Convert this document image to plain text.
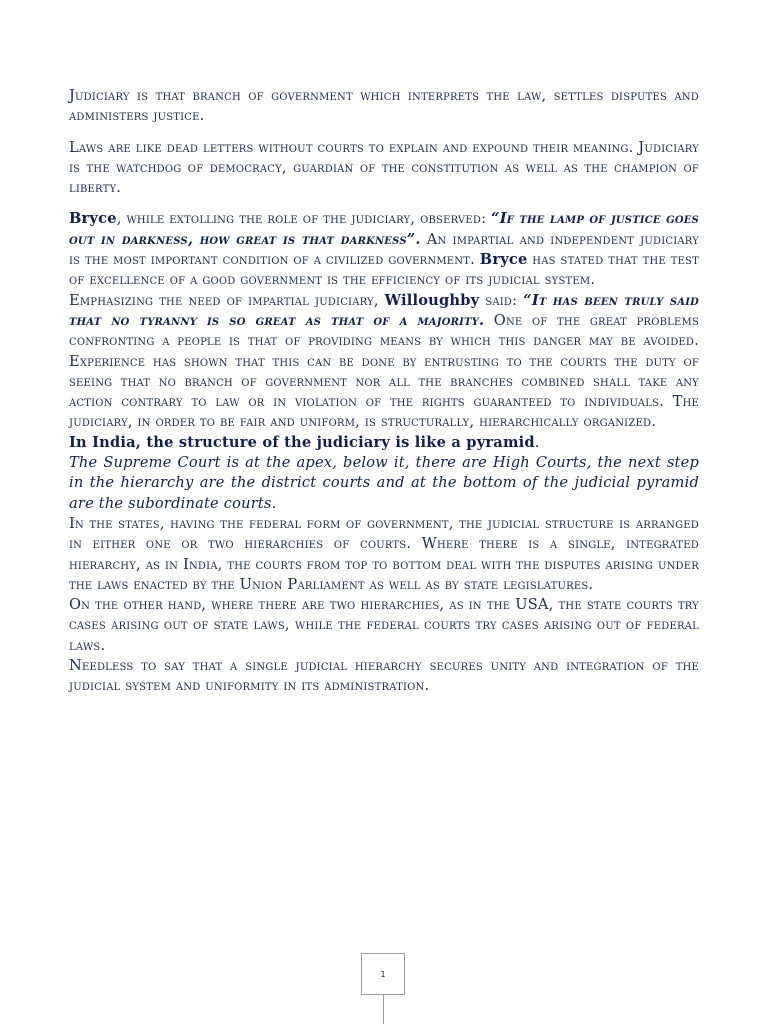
Judiciary is that branch of government which interprets the law, settles disputes and administers justice.

Laws are like dead letters without courts to explain and expound their meaning. Judiciary is the watchdog of democracy, guardian of the constitution as well as the champion of liberty.

Bryce, while extolling the role of the judiciary, observed: “If the lamp of justice goes out in darkness, how great is that darkness”. An impartial and independent judiciary is the most important condition of a civilized government. Bryce has stated that the test of excellence of a good government is the efficiency of its judicial system.

Emphasizing the need of impartial judiciary, Willoughby said: “It has been truly said that no tyranny is so great as that of a majority. One of the great problems confronting a people is that of providing means by which this danger may be avoided. Experience has shown that this can be done by entrusting to the courts the duty of seeing that no branch of government nor all the branches combined shall take any action contrary to law or in violation of the rights guaranteed to individuals. The judiciary, in order to be fair and uniform, is structurally, hierarchically organized.

In India, the structure of the judiciary is like a pyramid.

The Supreme Court is at the apex, below it, there are High Courts, the next step in the hierarchy are the district courts and at the bottom of the judicial pyramid are the subordinate courts.

In the states, having the federal form of government, the judicial structure is arranged in either one or two hierarchies of courts. Where there is a single, integrated hierarchy, as in India, the courts from top to bottom deal with the disputes arising under the laws enacted by the Union Parliament as well as by state legislatures.

On the other hand, where there are two hierarchies, as in the USA, the state courts try cases arising out of state laws, while the federal courts try cases arising out of federal laws.

Needless to say that a single judicial hierarchy secures unity and integration of the judicial system and uniformity in its administration.

1
